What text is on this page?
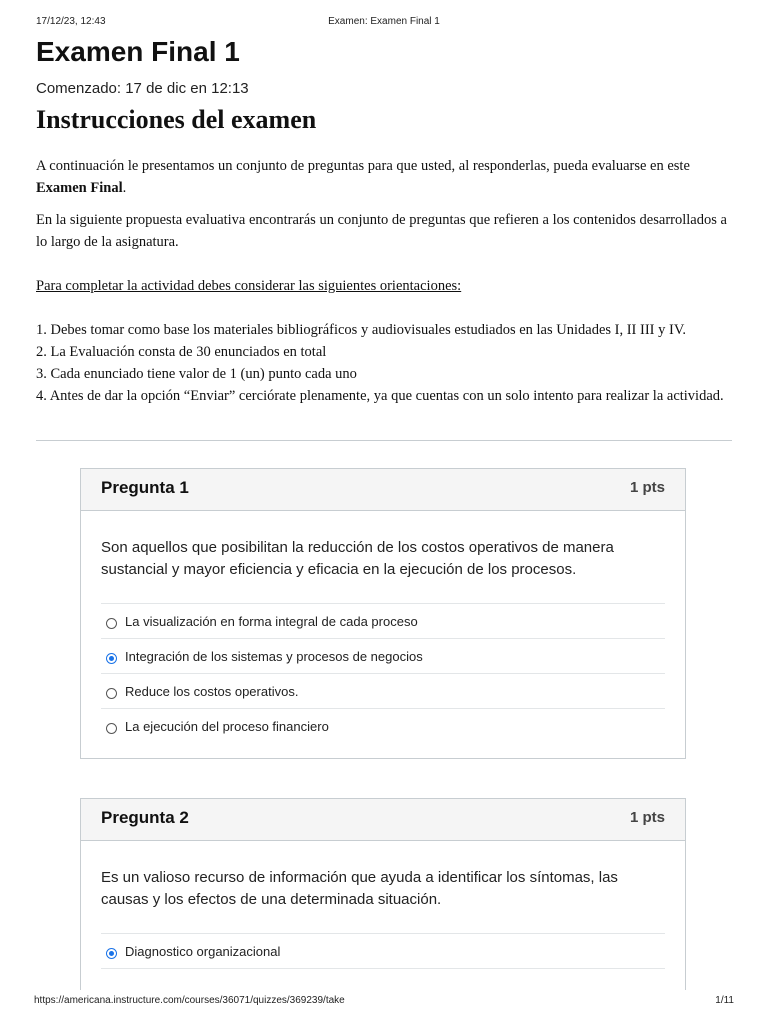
17/12/23, 12:43	Examen: Examen Final 1
Examen Final 1
Comenzado: 17 de dic en 12:13
Instrucciones del examen

A continuación le presentamos un conjunto de preguntas para que usted, al responderlas, pueda evaluarse en este Examen Final.

En la siguiente propuesta evaluativa encontrarás un conjunto de preguntas que refieren a los contenidos desarrollados a lo largo de la asignatura.

Para completar la actividad debes considerar las siguientes orientaciones:

1. Debes tomar como base los materiales bibliográficos y audiovisuales estudiados en las Unidades I, II III y IV.

2. La Evaluación consta de 30 enunciados en total

3. Cada enunciado tiene valor de 1 (un) punto cada uno

4. Antes de dar la opción “Enviar” cerciórate plenamente, ya que cuentas con un solo intento para realizar la actividad.

Pregunta 1	1 pts

Son aquellos que posibilitan la reducción de los costos operativos de manera sustancial y mayor eficiencia y eficacia en la ejecución de los procesos.

La visualización en forma integral de cada proceso
Integración de los sistemas y procesos de negocios
Reduce los costos operativos.
La ejecución del proceso financiero
Pregunta 2	1 pts

Es un valioso recurso de información que ayuda a identificar los síntomas, las causas y los efectos de una determinada situación.

Diagnostico organizacional
https://americana.instructure.com/courses/36071/quizzes/369239/take	1/11
